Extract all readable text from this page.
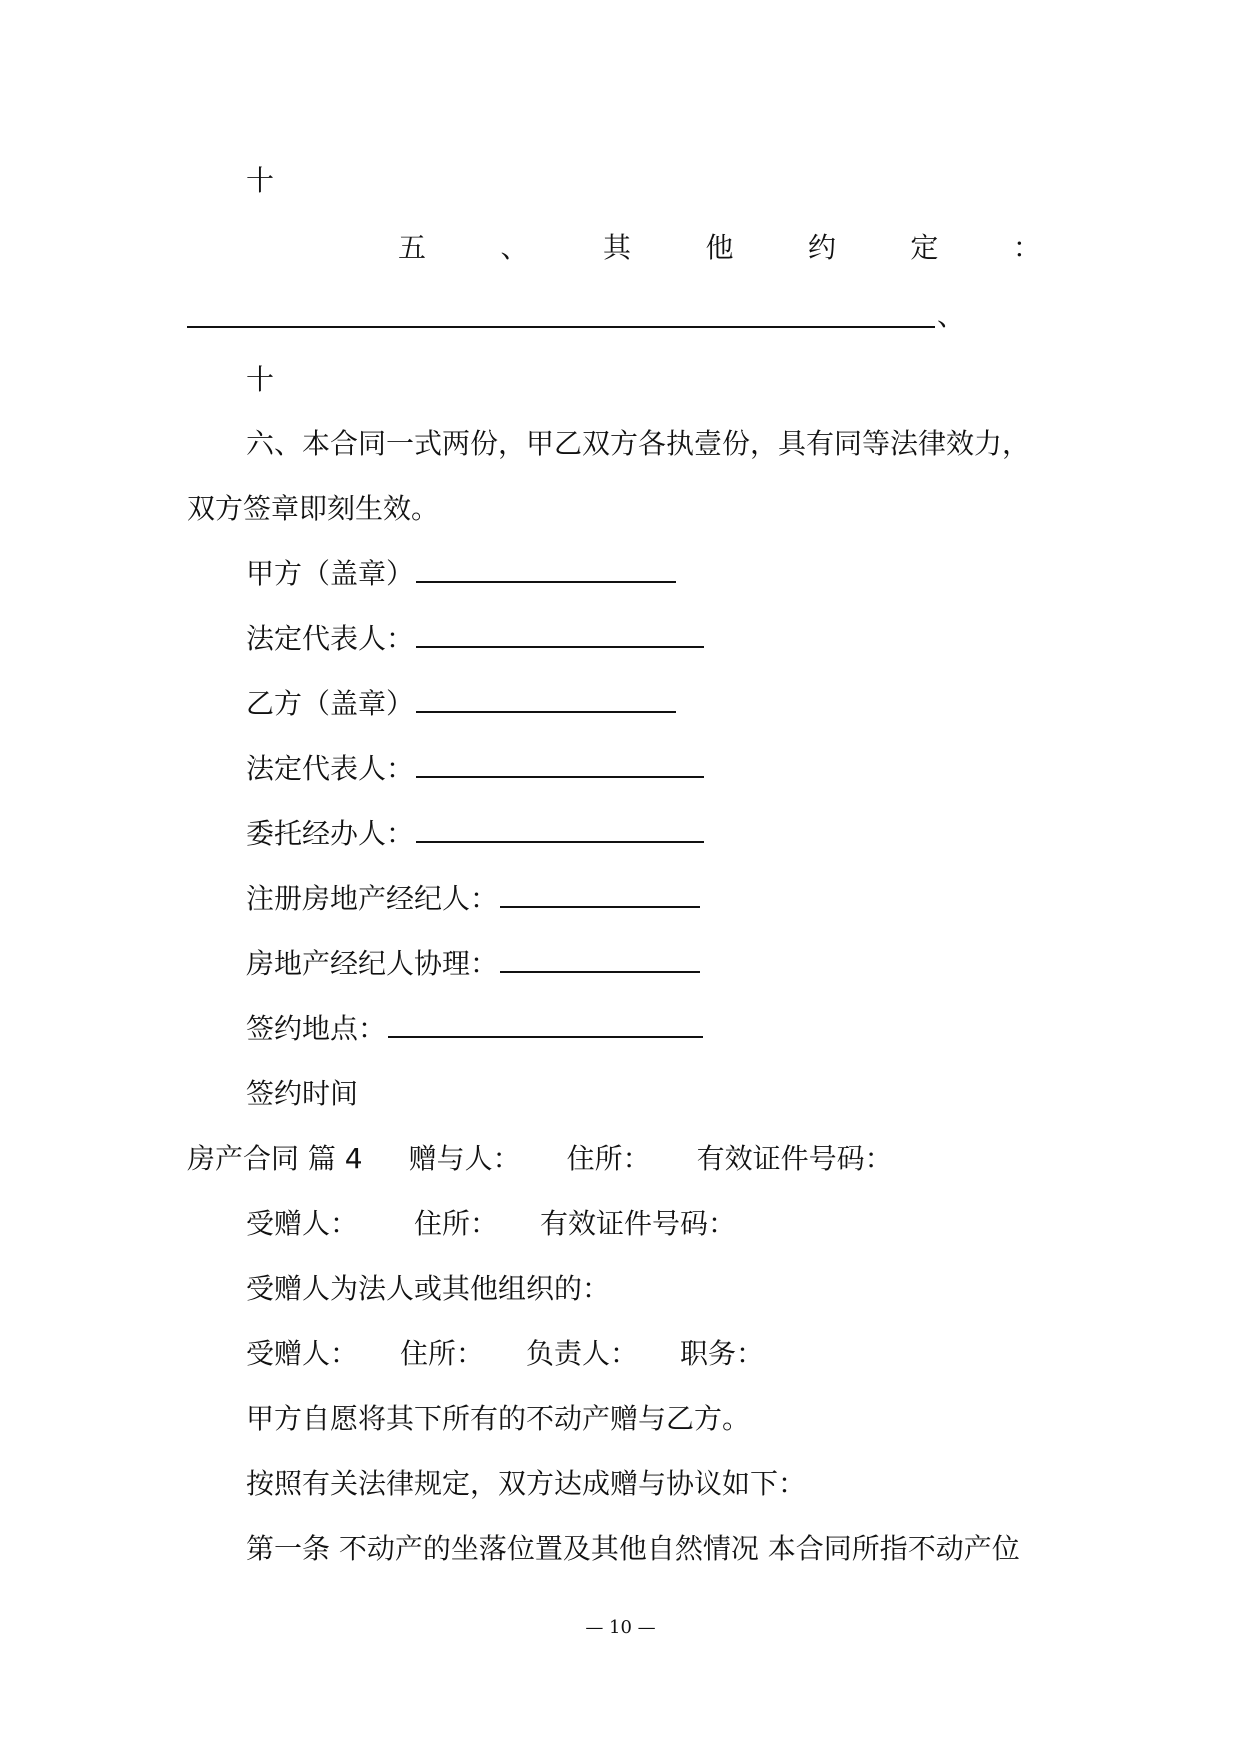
十
五	、	其	他	约	定	：
、
十
六、本合同一式两份，甲乙双方各执壹份，具有同等法律效力，
双方签章即刻生效。
甲方（盖章）
法定代表人：
乙方（盖章）
法定代表人：
委托经办人：
注册房地产经纪人：
房地产经纪人协理：
签约地点：
签约时间
房产合同 篇 4 赠与人： 住所： 有效证件号码：
受赠人： 住所： 有效证件号码：
受赠人为法人或其他组织的：
受赠人： 住所： 负责人： 职务：
甲方自愿将其下所有的不动产赠与乙方。
按照有关法律规定，双方达成赠与协议如下：
第一条 不动产的坐落位置及其他自然情况 本合同所指不动产位
— 10 —
